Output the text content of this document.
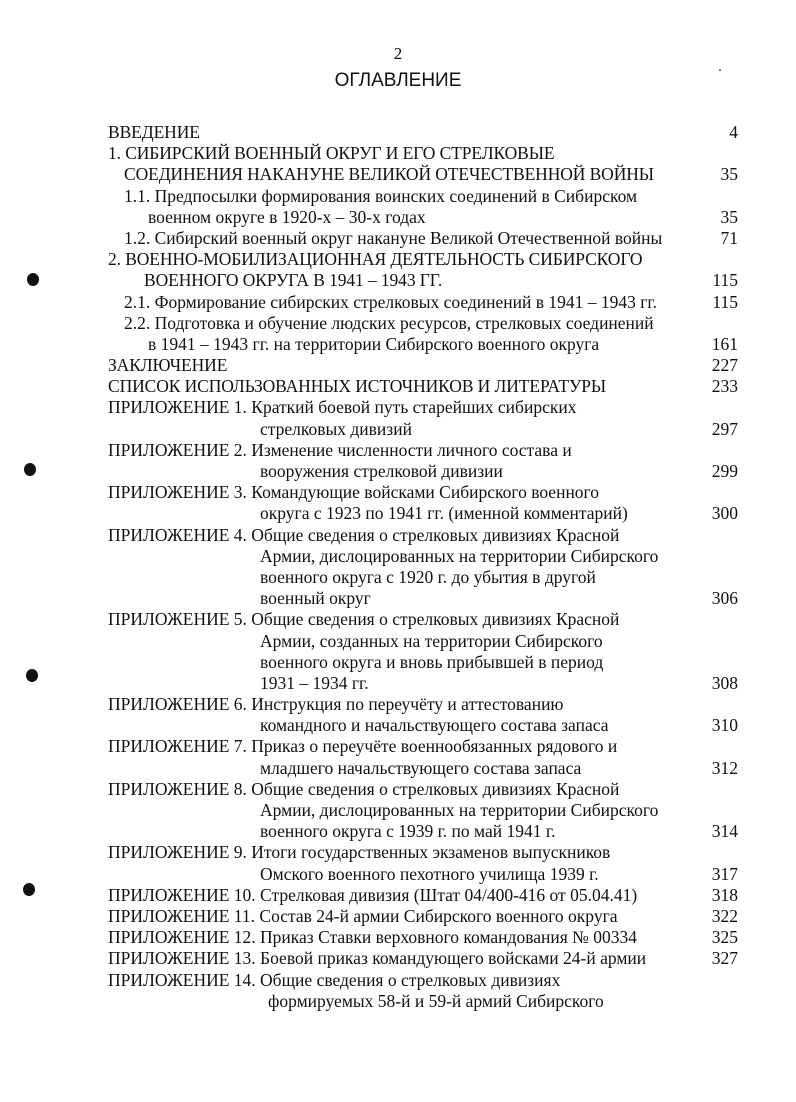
2
ОГЛАВЛЕНИЕ
ВВЕДЕНИЕ	4
1. СИБИРСКИЙ ВОЕННЫЙ ОКРУГ И ЕГО СТРЕЛКОВЫЕ
СОЕДИНЕНИЯ НАКАНУНЕ ВЕЛИКОЙ ОТЕЧЕСТВЕННОЙ ВОЙНЫ	35
1.1. Предпосылки формирования воинских соединений в Сибирском
военном округе в 1920-х – 30-х годах	35
1.2. Сибирский военный округ накануне Великой Отечественной войны	71
2. ВОЕННО-МОБИЛИЗАЦИОННАЯ ДЕЯТЕЛЬНОСТЬ СИБИРСКОГО
ВОЕННОГО ОКРУГА В 1941 – 1943 ГГ.	115
2.1. Формирование сибирских стрелковых соединений в 1941 – 1943 гг.	115
2.2. Подготовка и обучение людских ресурсов, стрелковых соединений
в 1941 – 1943 гг. на территории Сибирского военного округа	161
ЗАКЛЮЧЕНИЕ	227
СПИСОК ИСПОЛЬЗОВАННЫХ ИСТОЧНИКОВ И ЛИТЕРАТУРЫ	233
ПРИЛОЖЕНИЕ 1. Краткий боевой путь старейших сибирских
стрелковых дивизий	297
ПРИЛОЖЕНИЕ 2. Изменение численности личного состава и
вооружения стрелковой дивизии	299
ПРИЛОЖЕНИЕ 3. Командующие войсками Сибирского военного
округа с 1923 по 1941 гг. (именной комментарий)	300
ПРИЛОЖЕНИЕ 4. Общие сведения о стрелковых дивизиях Красной
Армии, дислоцированных на территории Сибирского
военного округа с 1920 г. до убытия в другой
военный округ	306
ПРИЛОЖЕНИЕ 5. Общие сведения о стрелковых дивизиях Красной
Армии, созданных на территории Сибирского
военного округа и вновь прибывшей в период
1931 – 1934 гг.	308
ПРИЛОЖЕНИЕ 6. Инструкция по переучёту и аттестованию
командного и начальствующего состава запаса	310
ПРИЛОЖЕНИЕ 7. Приказ о переучёте военнообязанных рядового и
младшего начальствующего состава запаса	312
ПРИЛОЖЕНИЕ 8. Общие сведения о стрелковых дивизиях Красной
Армии, дислоцированных на территории Сибирского
военного округа с 1939 г. по май 1941 г.	314
ПРИЛОЖЕНИЕ 9. Итоги государственных экзаменов выпускников
Омского военного пехотного училища 1939 г.	317
ПРИЛОЖЕНИЕ 10. Стрелковая дивизия (Штат 04/400-416 от 05.04.41)	318
ПРИЛОЖЕНИЕ 11. Состав 24-й армии Сибирского военного округа	322
ПРИЛОЖЕНИЕ 12. Приказ Ставки верховного командования № 00334	325
ПРИЛОЖЕНИЕ 13. Боевой приказ командующего войсками 24-й армии	327
ПРИЛОЖЕНИЕ 14. Общие сведения о стрелковых дивизиях
формируемых 58-й и 59-й армий Сибирского
